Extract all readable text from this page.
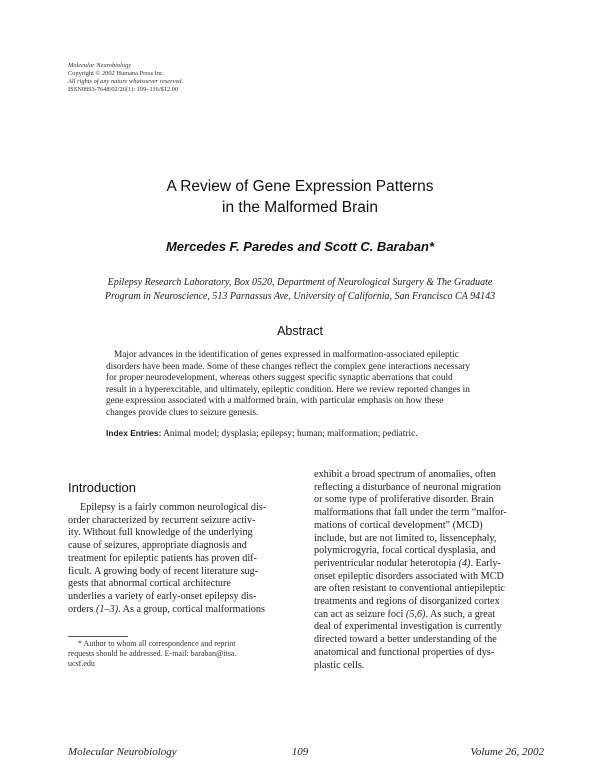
Molecular Neurobiology
Copyright © 2002 Humana Press Inc.
All rights of any nature whatsoever reserved.
ISSN0893-7648/02/26(1): 109–116/$12.00
A Review of Gene Expression Patterns
in the Malformed Brain
Mercedes F. Paredes and Scott C. Baraban*
Epilepsy Research Laboratory, Box 0520, Department of Neurological Surgery & The Graduate
Program in Neuroscience, 513 Parnassus Ave, University of California, San Francisco CA 94143
Abstract
Major advances in the identification of genes expressed in malformation-associated epileptic
disorders have been made. Some of these changes reflect the complex gene interactions necessary
for proper neurodevelopment, whereas others suggest specific synaptic aberrations that could
result in a hyperexcitable, and ultimately, epileptic condition. Here we review reported changes in
gene expression associated with a malformed brain, with particular emphasis on how these
changes provide clues to seizure genesis.
Index Entries: Animal model; dysplasia; epilepsy; human; malformation; pediatric.
Introduction
Epilepsy is a fairly common neurological dis-
order characterized by recurrent seizure activ-
ity. Without full knowledge of the underlying
cause of seizures, appropriate diagnosis and
treatment for epileptic patients has proven dif-
ficult. A growing body of recent literature sug-
gests that abnormal cortical architecture
underlies a variety of early-onset epilepsy dis-
orders (1–3). As a group, cortical malformations
exhibit a broad spectrum of anomalies, often
reflecting a disturbance of neuronal migration
or some type of proliferative disorder. Brain
malformations that fall under the term “malfor-
mations of cortical development” (MCD)
include, but are not limited to, lissencephaly,
polymicrogyria, focal cortical dysplasia, and
periventricular nodular heterotopia (4). Early-
onset epileptic disorders associated with MCD
are often resistant to conventional antiepileptic
treatments and regions of disorganized cortex
can act as seizure foci (5,6). As such, a great
deal of experimental investigation is currently
directed toward a better understanding of the
anatomical and functional properties of dys-
plastic cells.
* Author to whom all correspondence and reprint
requests should be addressed. E-mail: baraban@itsa.
ucsf.edu
Molecular Neurobiology	109	Volume 26, 2002
